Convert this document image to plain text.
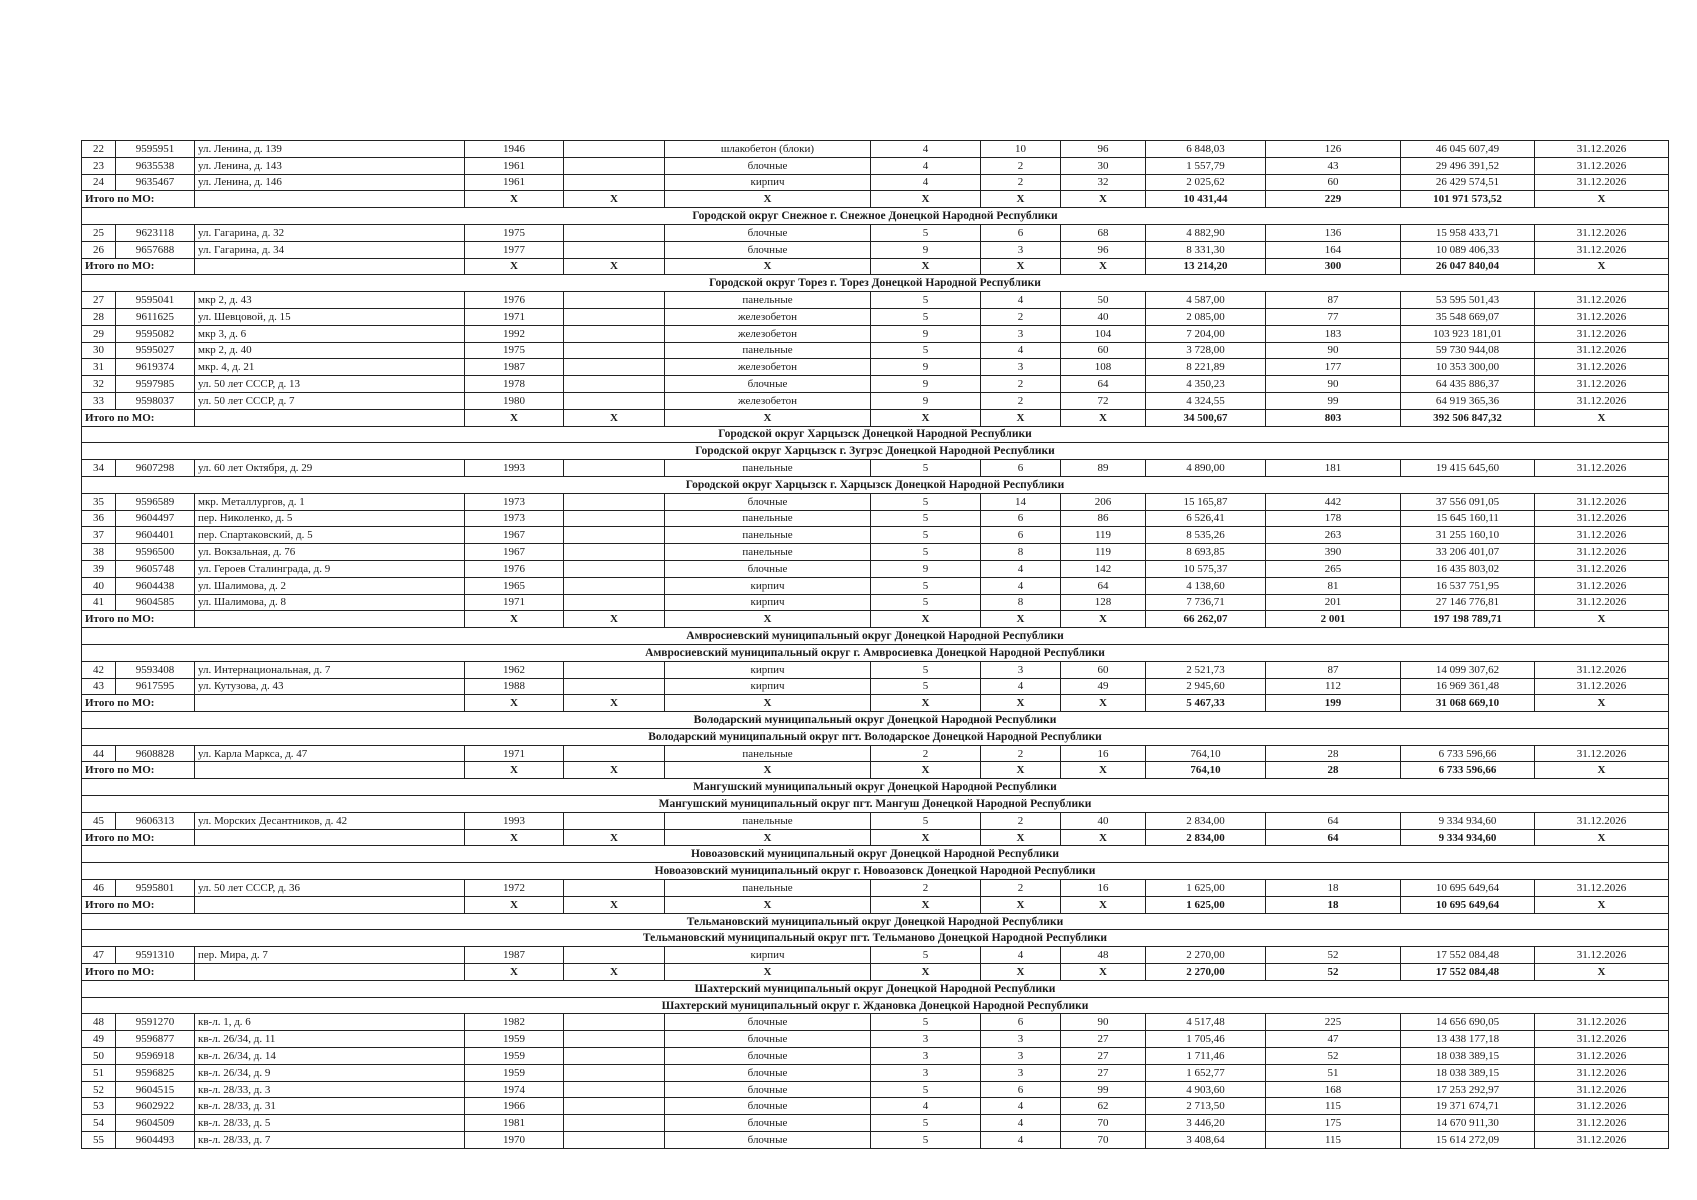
22	9595951	ул. Ленина, д. 139	1946		шлакобетон (блоки)	4	10	96	6 848,03	126	46 045 607,49	31.12.2026
23	9635538	ул. Ленина, д. 143	1961		блочные	4	2	30	1 557,79	43	29 496 391,52	31.12.2026
24	9635467	ул. Ленина, д. 146	1961		кирпич	4	2	32	2 025,62	60	26 429 574,51	31.12.2026
Итого по МО:			X	X	X	X	X	X	10 431,44	229	101 971 573,52	X
Городской округ Снежное г. Снежное Донецкой Народной Республики												
25	9623118	ул. Гагарина, д. 32	1975		блочные	5	6	68	4 882,90	136	15 958 433,71	31.12.2026
26	9657688	ул. Гагарина, д. 34	1977		блочные	9	3	96	8 331,30	164	10 089 406,33	31.12.2026
Итого по МО:			X	X	X	X	X	X	13 214,20	300	26 047 840,04	X
Городской округ Торез г. Торез Донецкой Народной Республики												
27	9595041	мкр 2, д. 43	1976		панельные	5	4	50	4 587,00	87	53 595 501,43	31.12.2026
28	9611625	ул. Шевцовой, д. 15	1971		железобетон	5	2	40	2 085,00	77	35 548 669,07	31.12.2026
29	9595082	мкр 3, д. 6	1992		железобетон	9	3	104	7 204,00	183	103 923 181,01	31.12.2026
30	9595027	мкр 2, д. 40	1975		панельные	5	4	60	3 728,00	90	59 730 944,08	31.12.2026
31	9619374	мкр. 4, д. 21	1987		железобетон	9	3	108	8 221,89	177	10 353 300,00	31.12.2026
32	9597985	ул. 50 лет СССР, д. 13	1978		блочные	9	2	64	4 350,23	90	64 435 886,37	31.12.2026
33	9598037	ул. 50 лет СССР, д. 7	1980		железобетон	9	2	72	4 324,55	99	64 919 365,36	31.12.2026
Итого по МО:			X	X	X	X	X	X	34 500,67	803	392 506 847,32	X
Городской округ Харцызск Донецкой Народной Республики												
Городской округ Харцызск г. Зугрэс Донецкой Народной Республики												
34	9607298	ул. 60 лет Октября, д. 29	1993		панельные	5	6	89	4 890,00	181	19 415 645,60	31.12.2026
Городской округ Харцызск г. Харцызск Донецкой Народной Республики												
35	9596589	мкр. Металлургов, д. 1	1973		блочные	5	14	206	15 165,87	442	37 556 091,05	31.12.2026
36	9604497	пер. Николенко, д. 5	1973		панельные	5	6	86	6 526,41	178	15 645 160,11	31.12.2026
37	9604401	пер. Спартаковский, д. 5	1967		панельные	5	6	119	8 535,26	263	31 255 160,10	31.12.2026
38	9596500	ул. Вокзальная, д. 76	1967		панельные	5	8	119	8 693,85	390	33 206 401,07	31.12.2026
39	9605748	ул. Героев Сталинграда, д. 9	1976		блочные	9	4	142	10 575,37	265	16 435 803,02	31.12.2026
40	9604438	ул. Шалимова, д. 2	1965		кирпич	5	4	64	4 138,60	81	16 537 751,95	31.12.2026
41	9604585	ул. Шалимова, д. 8	1971		кирпич	5	8	128	7 736,71	201	27 146 776,81	31.12.2026
Итого по МО:			X	X	X	X	X	X	66 262,07	2 001	197 198 789,71	X
Амвросиевский муниципальный округ Донецкой Народной Республики												
Амвросиевский муниципальный округ г. Амвросиевка Донецкой Народной Республики												
42	9593408	ул. Интернациональная, д. 7	1962		кирпич	5	3	60	2 521,73	87	14 099 307,62	31.12.2026
43	9617595	ул. Кутузова, д. 43	1988		кирпич	5	4	49	2 945,60	112	16 969 361,48	31.12.2026
Итого по МО:			X	X	X	X	X	X	5 467,33	199	31 068 669,10	X
Володарский муниципальный округ Донецкой Народной Республики												
Володарский муниципальный округ пгт. Володарское Донецкой Народной Республики												
44	9608828	ул. Карла Маркса, д. 47	1971		панельные	2	2	16	764,10	28	6 733 596,66	31.12.2026
Итого по МО:			X	X	X	X	X	X	764,10	28	6 733 596,66	X
Мангушский муниципальный округ Донецкой Народной Республики												
Мангушский муниципальный округ пгт. Мангуш Донецкой Народной Республики												
45	9606313	ул. Морских Десантников, д. 42	1993		панельные	5	2	40	2 834,00	64	9 334 934,60	31.12.2026
Итого по МО:			X	X	X	X	X	X	2 834,00	64	9 334 934,60	X
Новоазовский муниципальный округ Донецкой Народной Республики												
Новоазовский муниципальный округ г. Новоазовск Донецкой Народной Республики												
46	9595801	ул. 50 лет СССР, д. 36	1972		панельные	2	2	16	1 625,00	18	10 695 649,64	31.12.2026
Итого по МО:			X	X	X	X	X	X	1 625,00	18	10 695 649,64	X
Тельмановский муниципальный округ Донецкой Народной Республики												
Тельмановский муниципальный округ пгт. Тельманово Донецкой Народной Республики												
47	9591310	пер. Мира, д. 7	1987		кирпич	5	4	48	2 270,00	52	17 552 084,48	31.12.2026
Итого по МО:			X	X	X	X	X	X	2 270,00	52	17 552 084,48	X
Шахтерский муниципальный округ Донецкой Народной Республики												
Шахтерский муниципальный округ г. Ждановка Донецкой Народной Республики												
48	9591270	кв-л. 1, д. 6	1982		блочные	5	6	90	4 517,48	225	14 656 690,05	31.12.2026
49	9596877	кв-л. 26/34, д. 11	1959		блочные	3	3	27	1 705,46	47	13 438 177,18	31.12.2026
50	9596918	кв-л. 26/34, д. 14	1959		блочные	3	3	27	1 711,46	52	18 038 389,15	31.12.2026
51	9596825	кв-л. 26/34, д. 9	1959		блочные	3	3	27	1 652,77	51	18 038 389,15	31.12.2026
52	9604515	кв-л. 28/33, д. 3	1974		блочные	5	6	99	4 903,60	168	17 253 292,97	31.12.2026
53	9602922	кв-л. 28/33, д. 31	1966		блочные	4	4	62	2 713,50	115	19 371 674,71	31.12.2026
54	9604509	кв-л. 28/33, д. 5	1981		блочные	5	4	70	3 446,20	175	14 670 911,30	31.12.2026
55	9604493	кв-л. 28/33, д. 7	1970		блочные	5	4	70	3 408,64	115	15 614 272,09	31.12.2026
